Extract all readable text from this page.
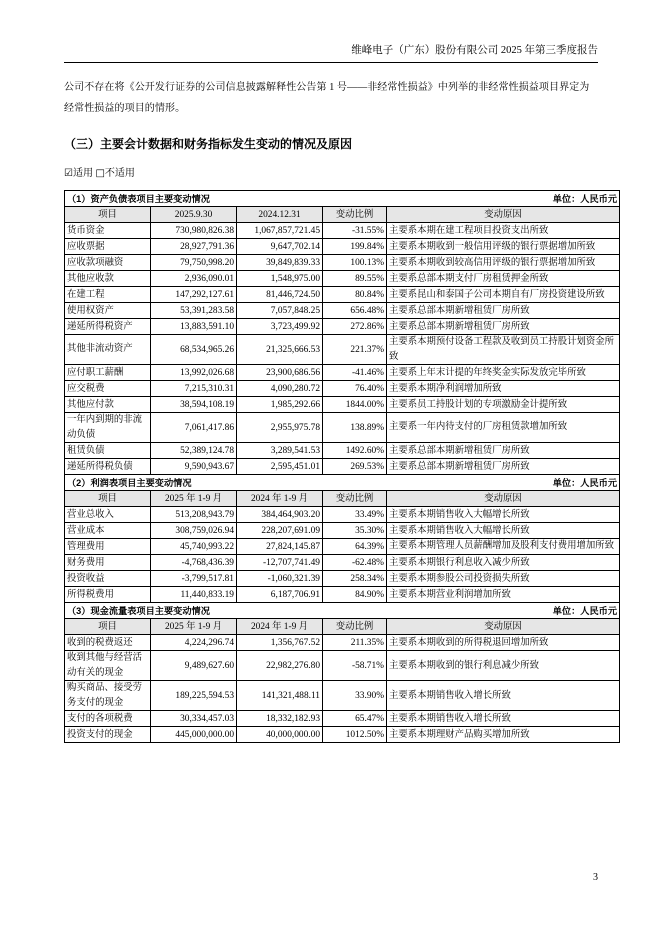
维峰电子（广东）股份有限公司 2025 年第三季度报告
公司不存在将《公开发行证券的公司信息披露解释性公告第 1 号——非经常性损益》中列举的非经常性损益项目界定为经常性损益的项目的情形。
（三）主要会计数据和财务指标发生变动的情况及原因
☑适用 □不适用
（1）资产负债表项目主要变动情况 单位：人民币元				

项目	2025.9.30	2024.12.31	变动比例	变动原因
货币资金	730,980,826.38	1,067,857,721.45	-31.55%	主要系本期在建工程项目投资支出所致
应收票据	28,927,791.36	9,647,702.14	199.84%	主要系本期收到一般信用评级的银行票据增加所致
应收款项融资	79,750,998.20	39,849,839.33	100.13%	主要系本期收到较高信用评级的银行票据增加所致
其他应收款	2,936,090.01	1,548,975.00	89.55%	主要系总部本期支付厂房租赁押金所致
在建工程	147,292,127.61	81,446,724.50	80.84%	主要系昆山和泰国子公司本期自有厂房投资建设所致
使用权资产	53,391,283.58	7,057,848.25	656.48%	主要系总部本期新增租赁厂房所致
递延所得税资产	13,883,591.10	3,723,499.92	272.86%	主要系总部本期新增租赁厂房所致
其他非流动资产	68,534,965.26	21,325,666.53	221.37%	主要系本期预付设备工程款及收到员工持股计划资金所致
应付职工薪酬	13,992,026.68	23,900,686.56	-41.46%	主要系上年末计提的年终奖金实际发放完毕所致
应交税费	7,215,310.31	4,090,280.72	76.40%	主要系本期净利润增加所致
其他应付款	38,594,108.19	1,985,292.66	1844.00%	主要系员工持股计划的专项激励金计提所致
一年内到期的非流动负债	7,061,417.86	2,955,975.78	138.89%	主要系一年内待支付的厂房租赁款增加所致
租赁负债	52,389,124.78	3,289,541.53	1492.60%	主要系总部本期新增租赁厂房所致
递延所得税负债	9,590,943.67	2,595,451.01	269.53%	主要系总部本期新增租赁厂房所致
（2）利润表项目主要变动情况 单位：人民币元				

项目	2025 年 1-9 月	2024 年 1-9 月	变动比例	变动原因
营业总收入	513,208,943.79	384,464,903.20	33.49%	主要系本期销售收入大幅增长所致
营业成本	308,759,026.94	228,207,691.09	35.30%	主要系本期销售收入大幅增长所致
管理费用	45,740,993.22	27,824,145.87	64.39%	主要系本期管理人员薪酬增加及股利支付费用增加所致
财务费用	-4,768,436.39	-12,707,741.49	-62.48%	主要系本期银行利息收入减少所致
投资收益	-3,799,517.81	-1,060,321.39	258.34%	主要系本期参股公司投资损失所致
所得税费用	11,440,833.19	6,187,706.91	84.90%	主要系本期营业利润增加所致
（3）现金流量表项目主要变动情况 单位：人民币元				

项目	2025 年 1-9 月	2024 年 1-9 月	变动比例	变动原因
收到的税费返还	4,224,296.74	1,356,767.52	211.35%	主要系本期收到的所得税退回增加所致
收到其他与经营活动有关的现金	9,489,627.60	22,982,276.80	-58.71%	主要系本期收到的银行利息减少所致
购买商品、接受劳务支付的现金	189,225,594.53	141,321,488.11	33.90%	主要系本期销售收入增长所致
支付的各项税费	30,334,457.03	18,332,182.93	65.47%	主要系本期销售收入增长所致
投资支付的现金	445,000,000.00	40,000,000.00	1012.50%	主要系本期理财产品购买增加所致
3
